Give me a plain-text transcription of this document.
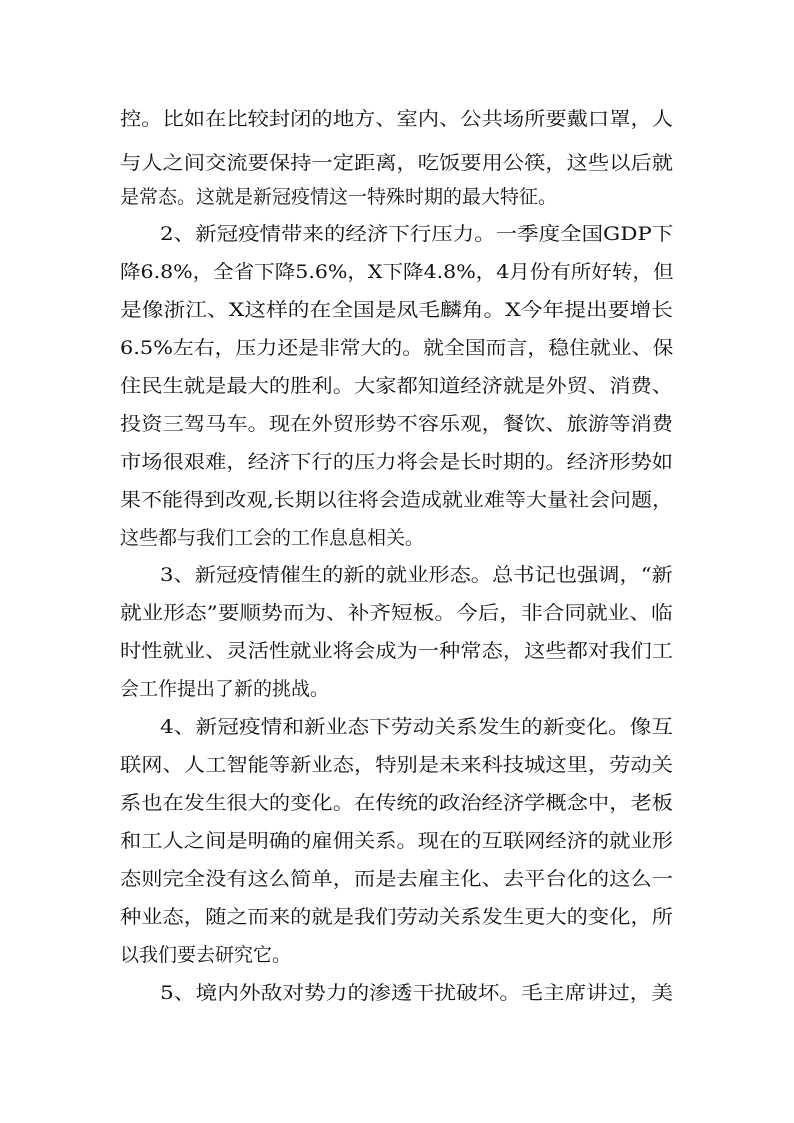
控。比如在比较封闭的地方、室内、公共场所要戴口罩，人
与人之间交流要保持一定距离，吃饭要用公筷，这些以后就
是常态。这就是新冠疫情这一特殊时期的最大特征。
2、新冠疫情带来的经济下行压力。一季度全国GDP下
降6.8%，全省下降5.6%，X下降4.8%，4月份有所好转，但
是像浙江、X这样的在全国是凤毛麟角。X今年提出要增长
6.5%左右，压力还是非常大的。就全国而言，稳住就业、保
住民生就是最大的胜利。大家都知道经济就是外贸、消费、
投资三驾马车。现在外贸形势不容乐观，餐饮、旅游等消费
市场很艰难，经济下行的压力将会是长时期的。经济形势如
果不能得到改观,长期以往将会造成就业难等大量社会问题，
这些都与我们工会的工作息息相关。
3、新冠疫情催生的新的就业形态。总书记也强调，“新
就业形态”要顺势而为、补齐短板。今后，非合同就业、临
时性就业、灵活性就业将会成为一种常态，这些都对我们工
会工作提出了新的挑战。
4、新冠疫情和新业态下劳动关系发生的新变化。像互
联网、人工智能等新业态，特别是未来科技城这里，劳动关
系也在发生很大的变化。在传统的政治经济学概念中，老板
和工人之间是明确的雇佣关系。现在的互联网经济的就业形
态则完全没有这么简单，而是去雇主化、去平台化的这么一
种业态，随之而来的就是我们劳动关系发生更大的变化，所
以我们要去研究它。
5、境内外敌对势力的渗透干扰破坏。毛主席讲过，美
